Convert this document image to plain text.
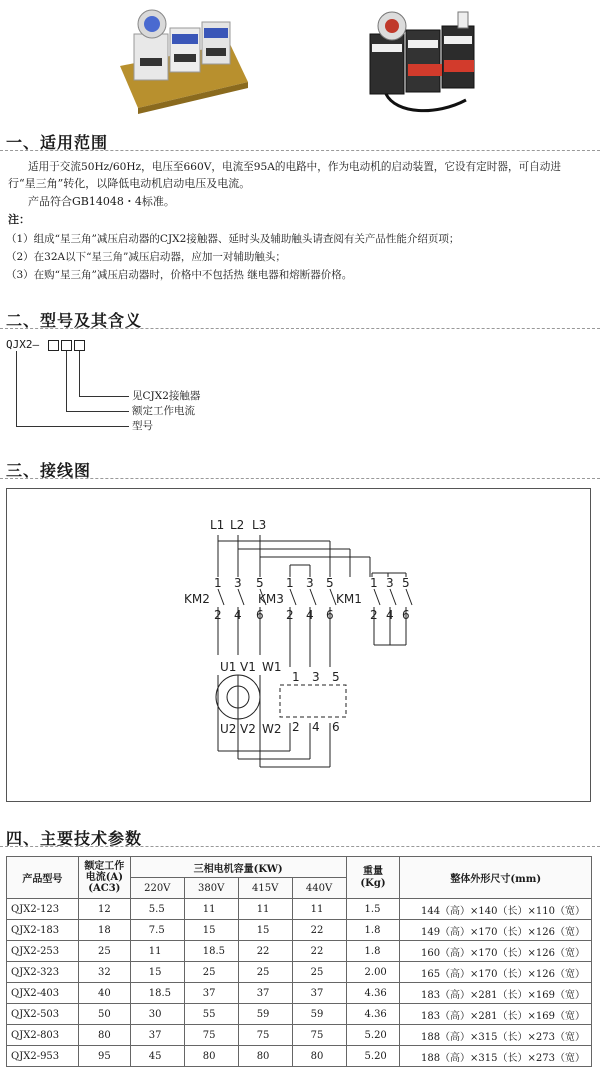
一、适用范围
适用于交流50Hz/60Hz，电压至660V，电流至95A的电路中，作为电动机的启动装置，它设有定时器，可自动进
行“星三角”转化，以降低电动机启动电压及电流。
产品符合GB14048・4标准。
注：
（1）组成“星三角”减压启动器的CJX2接触器、延时头及辅助触头请查阅有关产品性能介绍页项；
（2）在32A以下“星三角”减压启动器，应加一对辅助触头；
（3）在购“星三角”减压启动器时，价格中不包括热 继电器和熔断器价格。
二、型号及其含义
QJX2—
见CJX2接触器
额定工作电流
型号
三、接线图
L1 L2 L3
1 3 5 1 3 5	1 3 5
KM2	KM3	KM1
2 4 6 2 4 6	2 4 6
U1 V1 W1
U2 V2 W2
1 3 5
2 4 6
四、主要技术参数
产品型号	额定工作
电流(A)
(AC3)	三相电机容量(KW)				重量
(Kg)	整体外形尺寸(mm)
		220V	380V	415V	440V		
QJX2-123	12	5.5	11	11	11	1.5	144（高）×140（长）×110（宽）
QJX2-183	18	7.5	15	15	22	1.8	149（高）×170（长）×126（宽）
QJX2-253	25	11	18.5	22	22	1.8	160（高）×170（长）×126（宽）
QJX2-323	32	15	25	25	25	2.00	165（高）×170（长）×126（宽）
QJX2-403	40	18.5	37	37	37	4.36	183（高）×281（长）×169（宽）
QJX2-503	50	30	55	59	59	4.36	183（高）×281（长）×169（宽）
QJX2-803	80	37	75	75	75	5.20	188（高）×315（长）×273（宽）
QJX2-953	95	45	80	80	80	5.20	188（高）×315（长）×273（宽）
